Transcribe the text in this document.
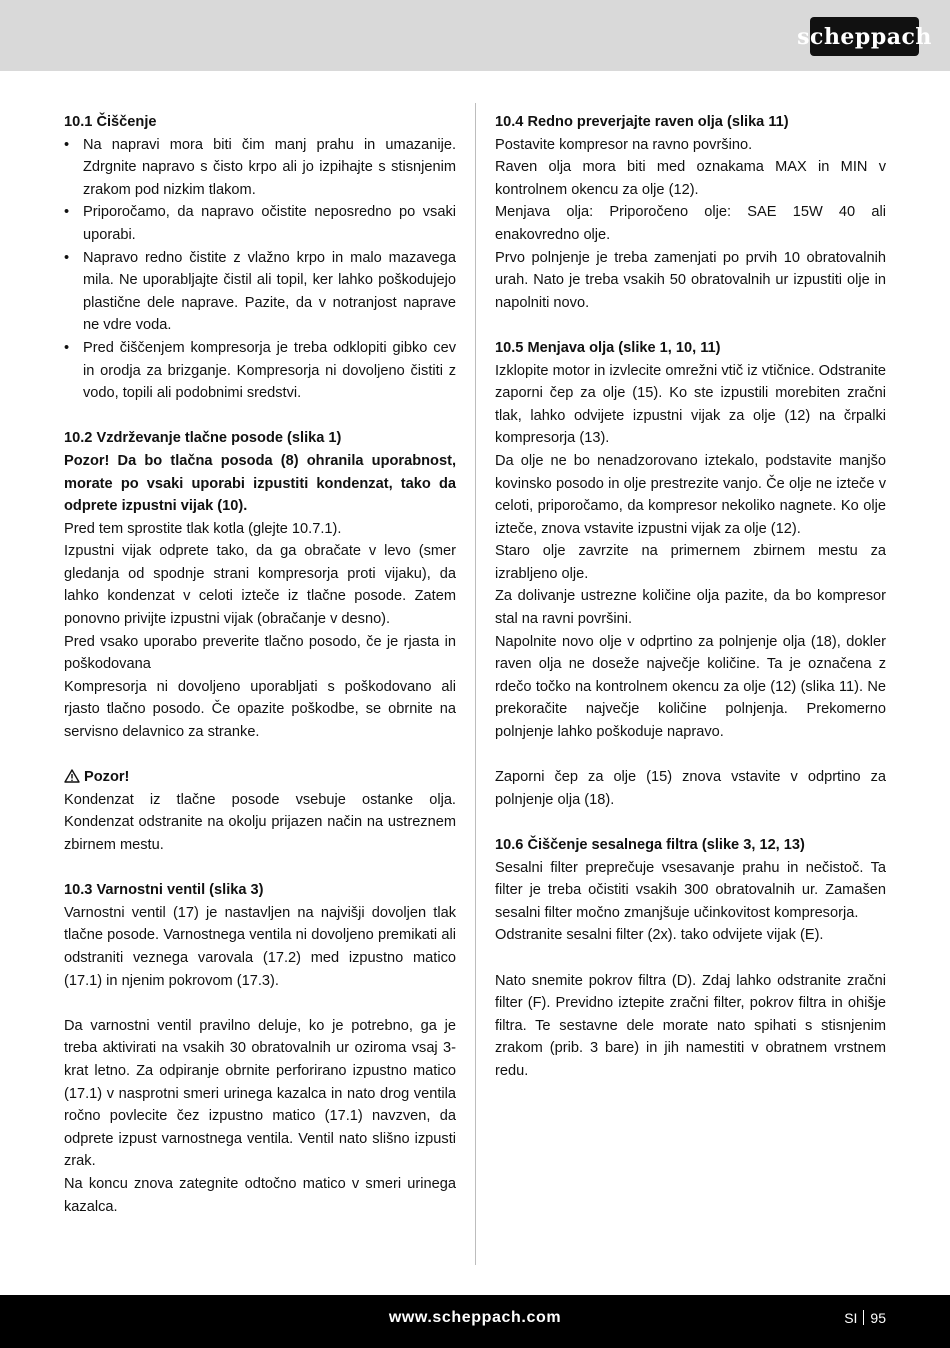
scheppach
10.1 Čiščenje
• Na napravi mora biti čim manj prahu in umazanije. Zdrgnite napravo s čisto krpo ali jo izpihajte s stisnjenim zrakom pod nizkim tlakom.
• Priporočamo, da napravo očistite neposredno po vsaki uporabi.
• Napravo redno čistite z vlažno krpo in malo mazavega mila. Ne uporabljajte čistil ali topil, ker lahko poškodujejo plastične dele naprave. Pazite, da v notranjost naprave ne vdre voda.
• Pred čiščenjem kompresorja je treba odklopiti gibko cev in orodja za brizganje. Kompresorja ni dovoljeno čistiti z vodo, topili ali podobnimi sredstvi.
10.2 Vzdrževanje tlačne posode (slika 1)

Pozor! Da bo tlačna posoda (8) ohranila uporabnost, morate po vsaki uporabi izpustiti kondenzat, tako da odprete izpustni vijak (10).

Pred tem sprostite tlak kotla (glejte 10.7.1).

Izpustni vijak odprete tako, da ga obračate v levo (smer gledanja od spodnje strani kompresorja proti vijaku), da lahko kondenzat v celoti izteče iz tlačne posode. Zatem ponovno privijte izpustni vijak (obračanje v desno).

Pred vsako uporabo preverite tlačno posodo, če je rjasta in poškodovana

Kompresorja ni dovoljeno uporabljati s poškodovano ali rjasto tlačno posodo. Če opazite poškodbe, se obrnite na servisno delavnico za stranke.

Pozor!

Kondenzat iz tlačne posode vsebuje ostanke olja. Kondenzat odstranite na okolju prijazen način na ustreznem zbirnem mestu.

10.3 Varnostni ventil (slika 3)

Varnostni ventil (17) je nastavljen na najvišji dovoljen tlak tlačne posode. Varnostnega ventila ni dovoljeno premikati ali odstraniti veznega varovala (17.2) med izpustno matico (17.1) in njenim pokrovom (17.3).

Da varnostni ventil pravilno deluje, ko je potrebno, ga je treba aktivirati na vsakih 30 obratovalnih ur oziroma vsaj 3-krat letno. Za odpiranje obrnite perforirano izpustno matico (17.1) v nasprotni smeri urinega kazalca in nato drog ventila ročno povlecite čez izpustno matico (17.1) navzven, da odprete izpust varnostnega ventila. Ventil nato slišno izpusti zrak.

Na koncu znova zategnite odtočno matico v smeri urinega kazalca.

10.4 Redno preverjajte raven olja (slika 11)

Postavite kompresor na ravno površino.

Raven olja mora biti med oznakama MAX in MIN v kontrolnem okencu za olje (12).

Menjava olja: Priporočeno olje: SAE 15W 40 ali enakovredno olje.

Prvo polnjenje je treba zamenjati po prvih 10 obratovalnih urah. Nato je treba vsakih 50 obratovalnih ur izpustiti olje in napolniti novo.

10.5 Menjava olja (slike 1, 10, 11)

Izklopite motor in izvlecite omrežni vtič iz vtičnice. Odstranite zaporni čep za olje (15). Ko ste izpustili morebiten zračni tlak, lahko odvijete izpustni vijak za olje (12) na črpalki kompresorja (13).

Da olje ne bo nenadzorovano iztekalo, podstavite manjšo kovinsko posodo in olje prestrezite vanjo. Če olje ne izteče v celoti, priporočamo, da kompresor nekoliko nagnete. Ko olje izteče, znova vstavite izpustni vijak za olje (12).

Staro olje zavrzite na primernem zbirnem mestu za izrabljeno olje.

Za dolivanje ustrezne količine olja pazite, da bo kompresor stal na ravni površini.

Napolnite novo olje v odprtino za polnjenje olja (18), dokler raven olja ne doseže največje količine. Ta je označena z rdečo točko na kontrolnem okencu za olje (12) (slika 11). Ne prekoračite največje količine polnjenja. Prekomerno polnjenje lahko poškoduje napravo.

Zaporni čep za olje (15) znova vstavite v odprtino za polnjenje olja (18).

10.6 Čiščenje sesalnega filtra (slike 3, 12, 13)

Sesalni filter preprečuje vsesavanje prahu in nečistoč. Ta filter je treba očistiti vsakih 300 obratovalnih ur. Zamašen sesalni filter močno zmanjšuje učinkovitost kompresorja.

Odstranite sesalni filter (2x). tako odvijete vijak (E).

Nato snemite pokrov filtra (D). Zdaj lahko odstranite zračni filter (F). Previdno iztepite zračni filter, pokrov filtra in ohišje filtra. Te sestavne dele morate nato spihati s stisnjenim zrakom (prib. 3 bare) in jih namestiti v obratnem vrstnem redu.

www.scheppach.com	SI 95
